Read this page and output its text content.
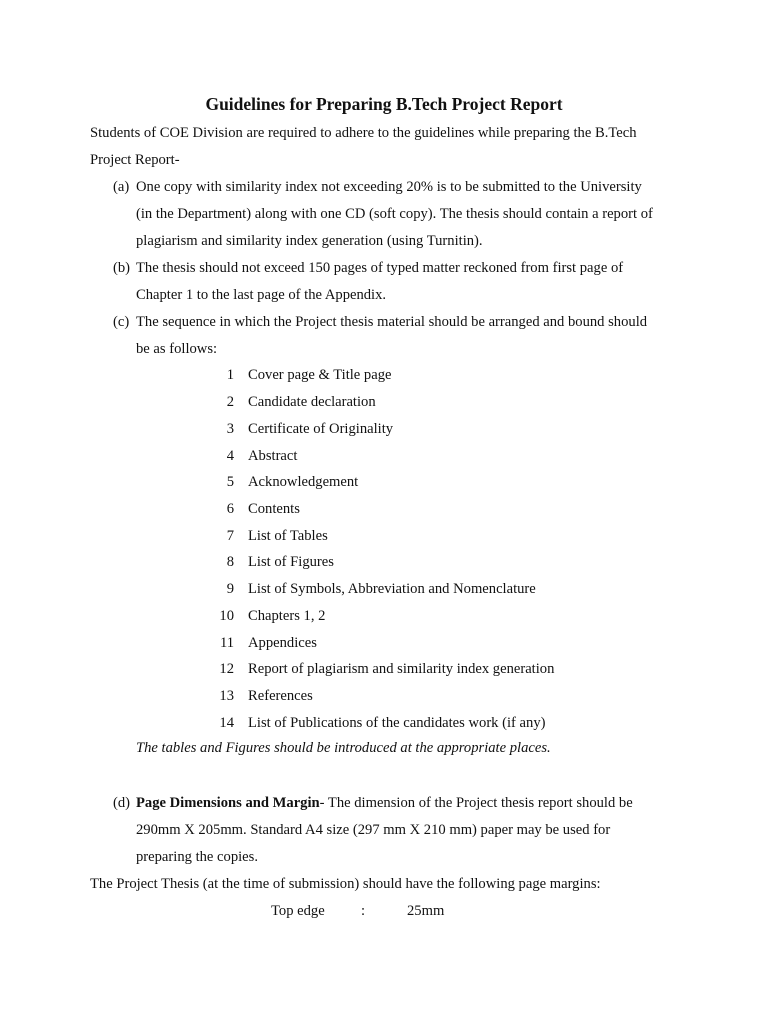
Guidelines for Preparing B.Tech Project Report
Students of COE Division are required to adhere to the guidelines while preparing the B.Tech
Project Report-
(a) One copy with similarity index not exceeding 20% is to be submitted to the University
(in the Department) along with one CD (soft copy). The thesis should contain a report of
plagiarism and similarity index generation (using Turnitin).
(b) The thesis should not exceed 150 pages of typed matter reckoned from first page of
Chapter 1 to the last page of the Appendix.
(c) The sequence in which the Project thesis material should be arranged and bound should
be as follows:
1 Cover page & Title page
2 Candidate declaration
3 Certificate of Originality
4 Abstract
5 Acknowledgement
6 Contents
7 List of Tables
8 List of Figures
9 List of Symbols, Abbreviation and Nomenclature
10 Chapters 1, 2
11 Appendices
12 Report of plagiarism and similarity index generation
13 References
14 List of Publications of the candidates work (if any)
The tables and Figures should be introduced at the appropriate places.
(d) Page Dimensions and Margin- The dimension of the Project thesis report should be
290mm X 205mm. Standard A4 size (297 mm X 210 mm) paper may be used for
preparing the copies.
The Project Thesis (at the time of submission) should have the following page margins:
Top edge :	25mm
